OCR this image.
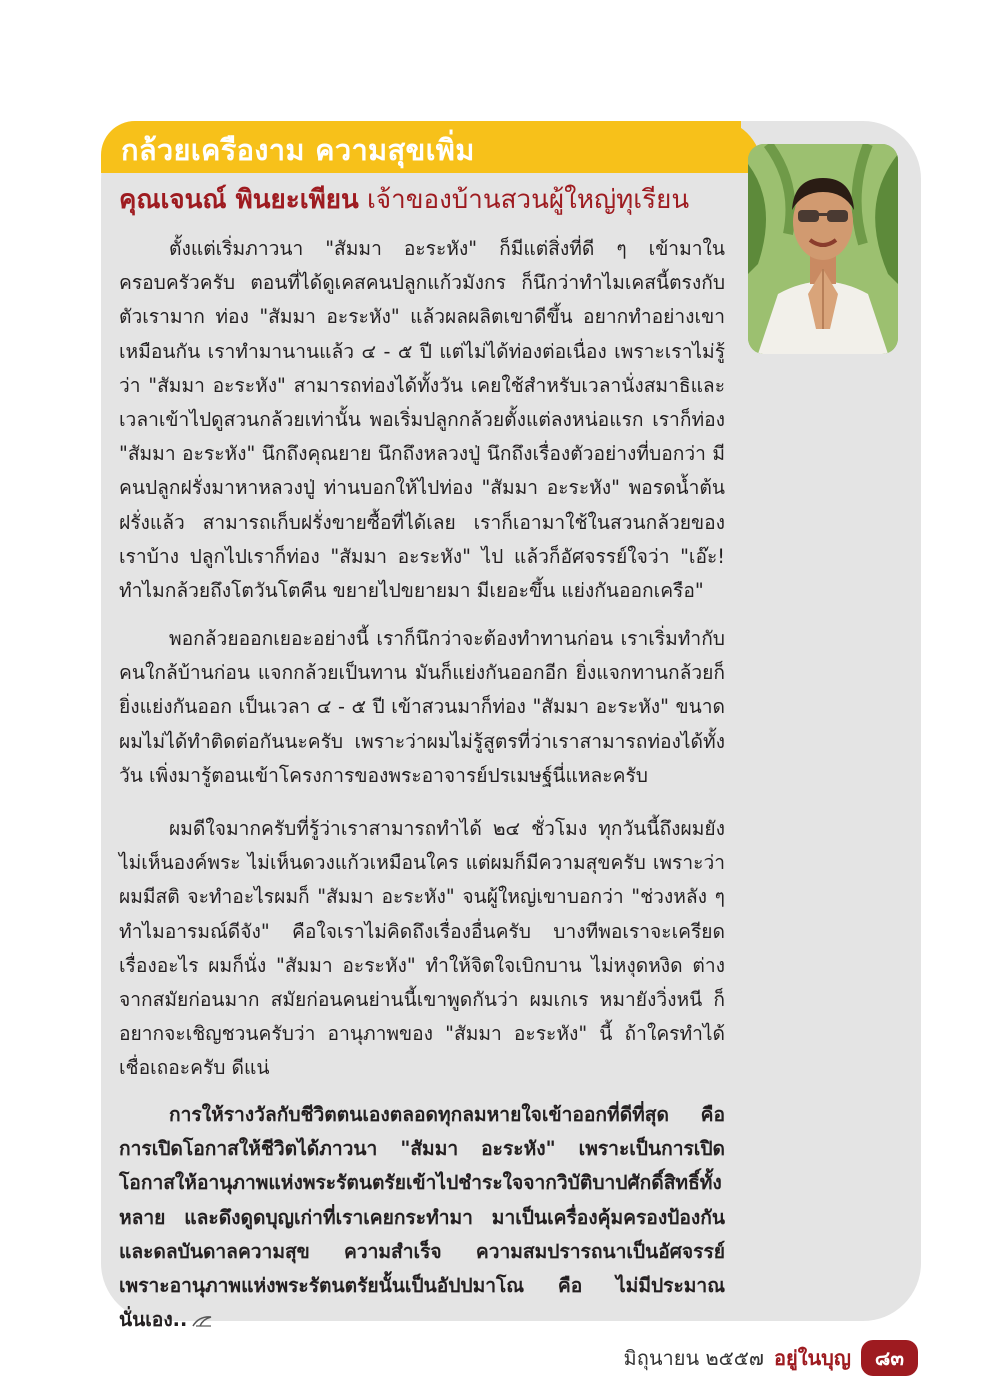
กล้วยเครืองาม ความสุขเพิ่ม
คุณเจนณ์ พินยะเพียน เจ้าของบ้านสวนผู้ใหญ่ทุเรียน

ตั้งแต่เริ่มภาวนา "สัมมา อะระหัง" ก็มีแต่สิ่งที่ดี ๆ เข้ามาในครอบครัวครับ ตอนที่ได้ดูเคสคนปลูกแก้วมังกร ก็นึกว่าทำไมเคสนี้ตรงกับตัวเรามาก ท่อง "สัมมา อะระหัง" แล้วผลผลิตเขาดีขึ้น อยากทำอย่างเขาเหมือนกัน เราทำมานานแล้ว ๔ - ๕ ปี แต่ไม่ได้ท่องต่อเนื่อง เพราะเราไม่รู้ว่า "สัมมา อะระหัง" สามารถท่องได้ทั้งวัน เคยใช้สำหรับเวลานั่งสมาธิและเวลาเข้าไปดูสวนกล้วยเท่านั้น พอเริ่มปลูกกล้วยตั้งแต่ลงหน่อแรก เราก็ท่อง "สัมมา อะระหัง" นึกถึงคุณยาย นึกถึงหลวงปู่ นึกถึงเรื่องตัวอย่างที่บอกว่า มีคนปลูกฝรั่งมาหาหลวงปู่ ท่านบอกให้ไปท่อง "สัมมา อะระหัง" พอรดน้ำต้นฝรั่งแล้ว สามารถเก็บฝรั่งขายซื้อที่ได้เลย เราก็เอามาใช้ในสวนกล้วยของเราบ้าง ปลูกไปเราก็ท่อง "สัมมา อะระหัง" ไป แล้วก็อัศจรรย์ใจว่า "เอ๊ะ! ทำไมกล้วยถึงโตวันโตคืน ขยายไปขยายมา มีเยอะขึ้น แย่งกันออกเครือ"

พอกล้วยออกเยอะอย่างนี้ เราก็นึกว่าจะต้องทำทานก่อน เราเริ่มทำกับคนใกล้บ้านก่อน แจกกล้วยเป็นทาน มันก็แย่งกันออกอีก ยิ่งแจกทานกล้วยก็ยิ่งแย่งกันออก เป็นเวลา ๔ - ๕ ปี เข้าสวนมาก็ท่อง "สัมมา อะระหัง" ขนาดผมไม่ได้ทำติดต่อกันนะครับ เพราะว่าผมไม่รู้สูตรที่ว่าเราสามารถท่องได้ทั้งวัน เพิ่งมารู้ตอนเข้าโครงการของพระอาจารย์ปรเมษฐ์นี่แหละครับ

ผมดีใจมากครับที่รู้ว่าเราสามารถทำได้ ๒๔ ชั่วโมง ทุกวันนี้ถึงผมยังไม่เห็นองค์พระ ไม่เห็นดวงแก้วเหมือนใคร แต่ผมก็มีความสุขครับ เพราะว่าผมมีสติ จะทำอะไรผมก็ "สัมมา อะระหัง" จนผู้ใหญ่เขาบอกว่า "ช่วงหลัง ๆ ทำไมอารมณ์ดีจัง" คือใจเราไม่คิดถึงเรื่องอื่นครับ บางทีพอเราจะเครียดเรื่องอะไร ผมก็นั่ง "สัมมา อะระหัง" ทำให้จิตใจเบิกบาน ไม่หงุดหงิด ต่างจากสมัยก่อนมาก สมัยก่อนคนย่านนี้เขาพูดกันว่า ผมเกเร หมายังวิ่งหนี ก็อยากจะเชิญชวนครับว่า อานุภาพของ "สัมมา อะระหัง" นี้ ถ้าใครทำได้เชื่อเถอะครับ ดีแน่

การให้รางวัลกับชีวิตตนเองตลอดทุกลมหายใจเข้าออกที่ดีที่สุด คือ การเปิดโอกาสให้ชีวิตได้ภาวนา "สัมมา อะระหัง" เพราะเป็นการเปิดโอกาสให้อานุภาพแห่งพระรัตนตรัยเข้าไปชำระใจจากวิบัติบาปศักดิ์สิทธิ์ทั้งหลาย และดึงดูดบุญเก่าที่เราเคยกระทำมา มาเป็นเครื่องคุ้มครองป้องกันและดลบันดาลความสุข ความสำเร็จ ความสมปรารถนาเป็นอัศจรรย์ เพราะอานุภาพแห่งพระรัตนตรัยนั้นเป็นอัปปมาโณ คือ ไม่มีประมาณนั่นเอง..

มิถุนายน ๒๕๕๗ อยู่ในบุญ	๘๓
